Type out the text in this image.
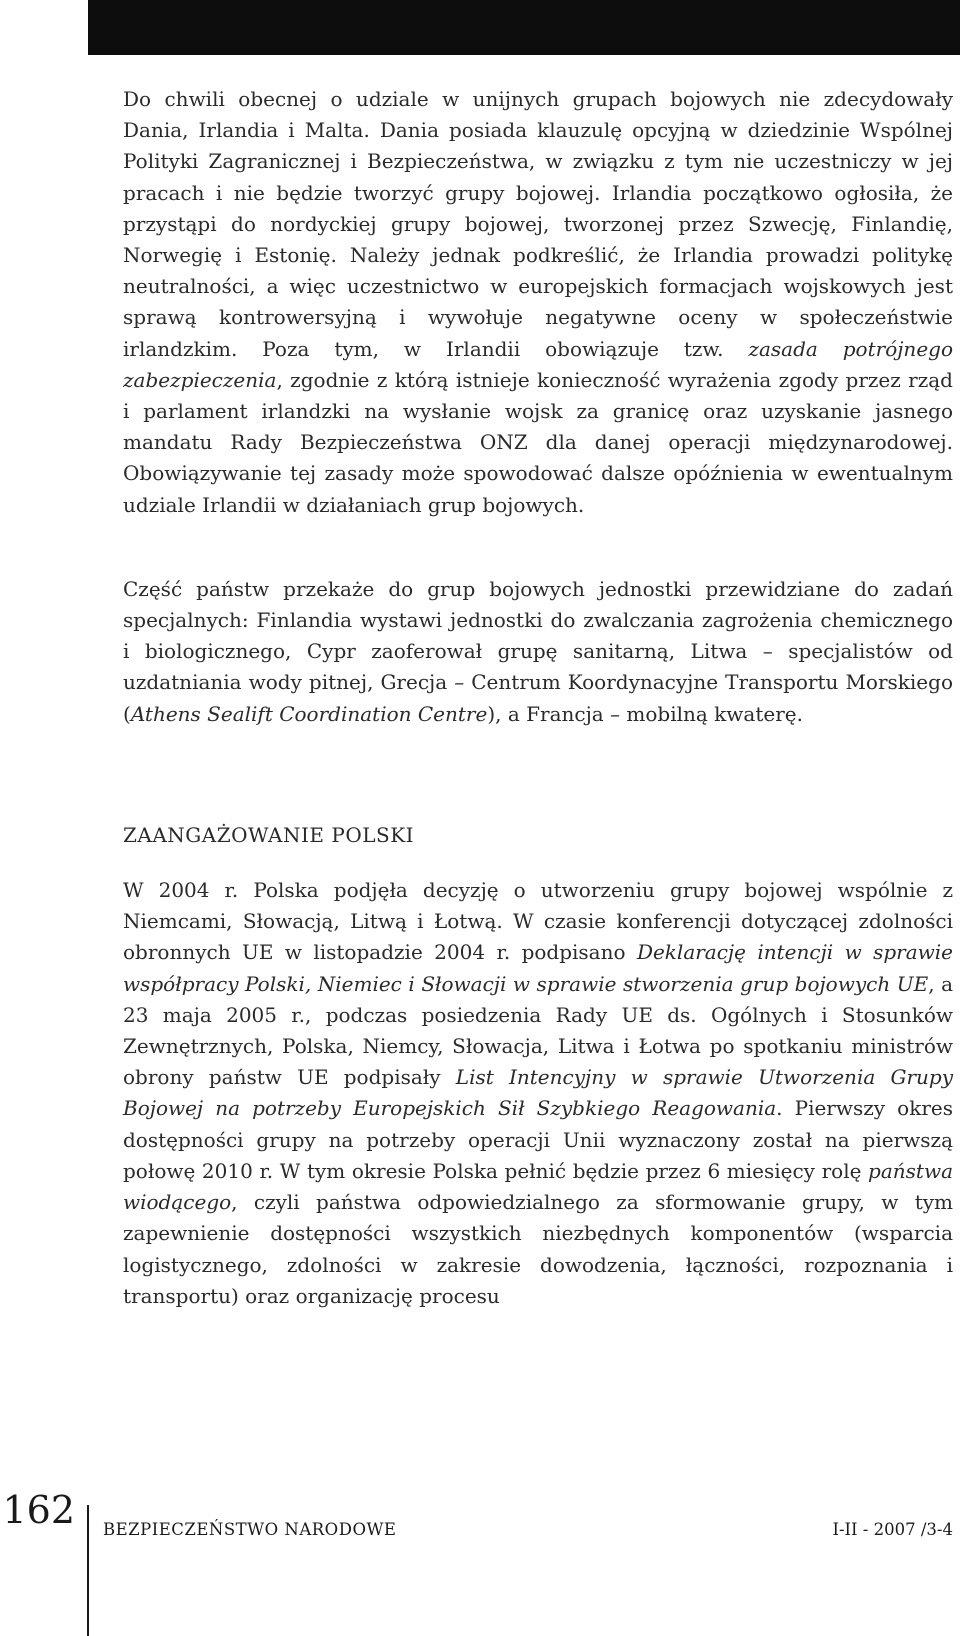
Do chwili obecnej o udziale w unijnych grupach bojowych nie zdecydowały Dania, Irlandia i Malta. Dania posiada klauzulę opcyjną w dziedzinie Wspólnej Polityki Zagranicznej i Bezpieczeństwa, w związku z tym nie uczestniczy w jej pracach i nie będzie tworzyć grupy bojowej. Irlandia początkowo ogłosiła, że przystąpi do nordyckiej grupy bojowej, tworzonej przez Szwecję, Finlandię, Norwegię i Estonię. Należy jednak podkreślić, że Irlandia prowadzi politykę neutralności, a więc uczestnictwo w europejskich formacjach wojskowych jest sprawą kontrowersyjną i wywołuje negatywne oceny w społeczeństwie irlandzkim. Poza tym, w Irlandii obowiązuje tzw. zasada potrójnego zabezpieczenia, zgodnie z którą istnieje konieczność wyrażenia zgody przez rząd i parlament irlandzki na wysłanie wojsk za granicę oraz uzyskanie jasnego mandatu Rady Bezpieczeństwa ONZ dla danej operacji międzynarodowej. Obowiązywanie tej zasady może spowodować dalsze opóźnienia w ewentualnym udziale Irlandii w działaniach grup bojowych.

Część państw przekaże do grup bojowych jednostki przewidziane do zadań specjalnych: Finlandia wystawi jednostki do zwalczania zagrożenia chemicznego i biologicznego, Cypr zaoferował grupę sanitarną, Litwa – specjalistów od uzdatniania wody pitnej, Grecja – Centrum Koordynacyjne Transportu Morskiego (Athens Sealift Coordination Centre), a Francja – mobilną kwaterę.

ZAANGAŻOWANIE POLSKI

W 2004 r. Polska podjęła decyzję o utworzeniu grupy bojowej wspólnie z Niemcami, Słowacją, Litwą i Łotwą. W czasie konferencji dotyczącej zdolności obronnych UE w listopadzie 2004 r. podpisano Deklarację intencji w sprawie współpracy Polski, Niemiec i Słowacji w sprawie stworzenia grup bojowych UE, a 23 maja 2005 r., podczas posiedzenia Rady UE ds. Ogólnych i Stosunków Zewnętrznych, Polska, Niemcy, Słowacja, Litwa i Łotwa po spotkaniu ministrów obrony państw UE podpisały List Intencyjny w sprawie Utworzenia Grupy Bojowej na potrzeby Europejskich Sił Szybkiego Reagowania. Pierwszy okres dostępności grupy na potrzeby operacji Unii wyznaczony został na pierwszą połowę 2010 r. W tym okresie Polska pełnić będzie przez 6 miesięcy rolę państwa wiodącego, czyli państwa odpowiedzialnego za sformowanie grupy, w tym zapewnienie dostępności wszystkich niezbędnych komponentów (wsparcia logistycznego, zdolności w zakresie dowodzenia, łączności, rozpoznania i transportu) oraz organizację procesu

162 BEZPIECZEŃSTWO NARODOWE	I-II - 2007 /3-4
